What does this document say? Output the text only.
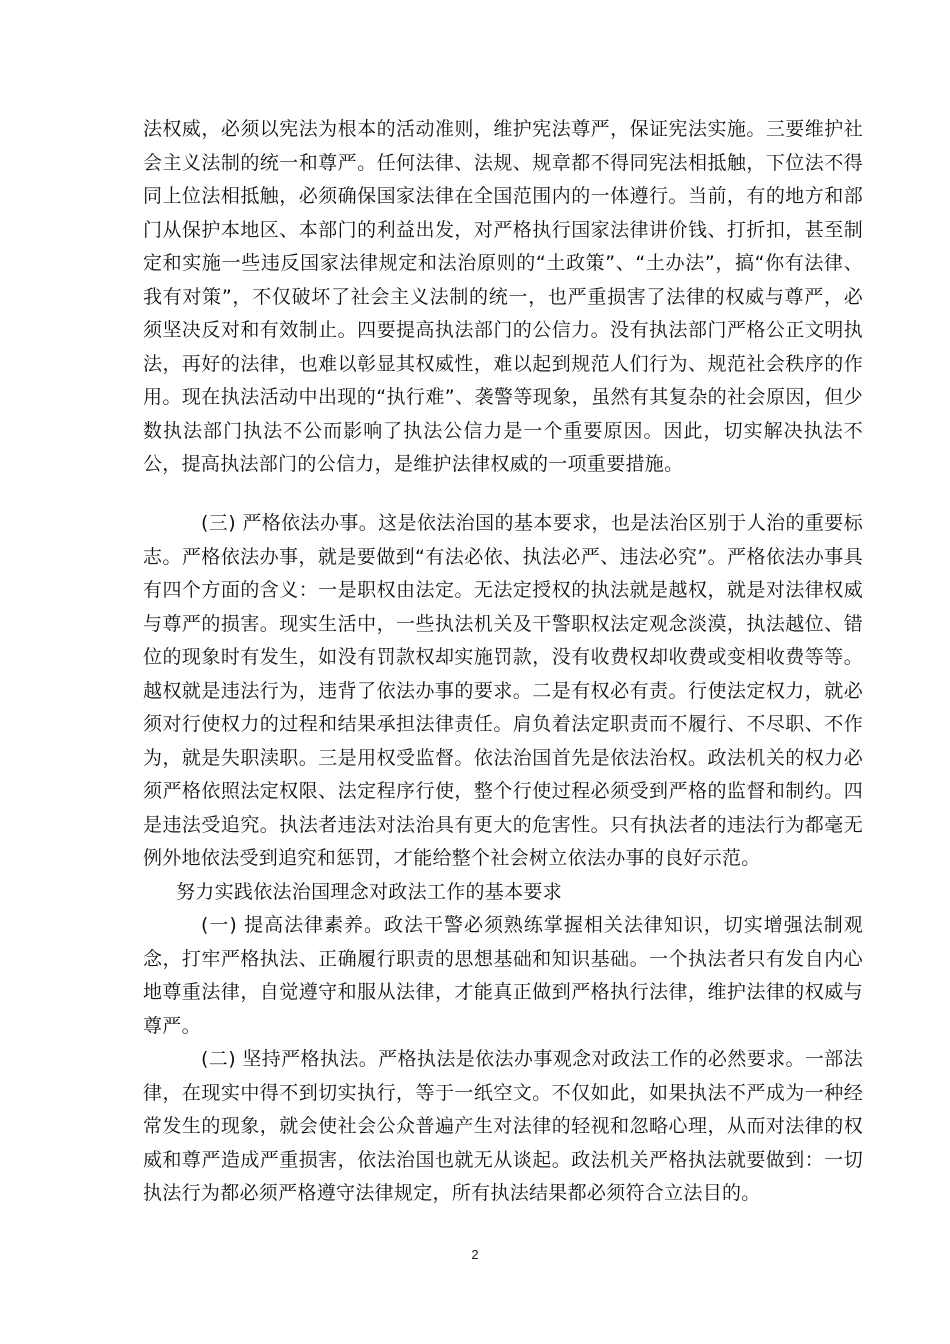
法权威，必须以宪法为根本的活动准则，维护宪法尊严，保证宪法实施。三要维护社会主义法制的统一和尊严。任何法律、法规、规章都不得同宪法相抵触，下位法不得同上位法相抵触，必须确保国家法律在全国范围内的一体遵行。当前，有的地方和部门从保护本地区、本部门的利益出发，对严格执行国家法律讲价钱、打折扣，甚至制定和实施一些违反国家法律规定和法治原则的“土政策”、“土办法”，搞“你有法律、我有对策”，不仅破坏了社会主义法制的统一，也严重损害了法律的权威与尊严，必须坚决反对和有效制止。四要提高执法部门的公信力。没有执法部门严格公正文明执法，再好的法律，也难以彰显其权威性，难以起到规范人们行为、规范社会秩序的作用。现在执法活动中出现的“执行难”、袭警等现象，虽然有其复杂的社会原因，但少数执法部门执法不公而影响了执法公信力是一个重要原因。因此，切实解决执法不公，提高执法部门的公信力，是维护法律权威的一项重要措施。

(三) 严格依法办事。这是依法治国的基本要求，也是法治区别于人治的重要标志。严格依法办事，就是要做到“有法必依、执法必严、违法必究”。严格依法办事具有四个方面的含义：一是职权由法定。无法定授权的执法就是越权，就是对法律权威与尊严的损害。现实生活中，一些执法机关及干警职权法定观念淡漠，执法越位、错位的现象时有发生，如没有罚款权却实施罚款，没有收费权却收费或变相收费等等。越权就是违法行为，违背了依法办事的要求。二是有权必有责。行使法定权力，就必须对行使权力的过程和结果承担法律责任。肩负着法定职责而不履行、不尽职、不作为，就是失职渎职。三是用权受监督。依法治国首先是依法治权。政法机关的权力必须严格依照法定权限、法定程序行使，整个行使过程必须受到严格的监督和制约。四是违法受追究。执法者违法对法治具有更大的危害性。只有执法者的违法行为都毫无例外地依法受到追究和惩罚，才能给整个社会树立依法办事的良好示范。

努力实践依法治国理念对政法工作的基本要求

(一) 提高法律素养。政法干警必须熟练掌握相关法律知识，切实增强法制观念，打牢严格执法、正确履行职责的思想基础和知识基础。一个执法者只有发自内心地尊重法律，自觉遵守和服从法律，才能真正做到严格执行法律，维护法律的权威与尊严。

(二) 坚持严格执法。严格执法是依法办事观念对政法工作的必然要求。一部法律，在现实中得不到切实执行，等于一纸空文。不仅如此，如果执法不严成为一种经常发生的现象，就会使社会公众普遍产生对法律的轻视和忽略心理，从而对法律的权威和尊严造成严重损害，依法治国也就无从谈起。政法机关严格执法就要做到：一切执法行为都必须严格遵守法律规定，所有执法结果都必须符合立法目的。

2
